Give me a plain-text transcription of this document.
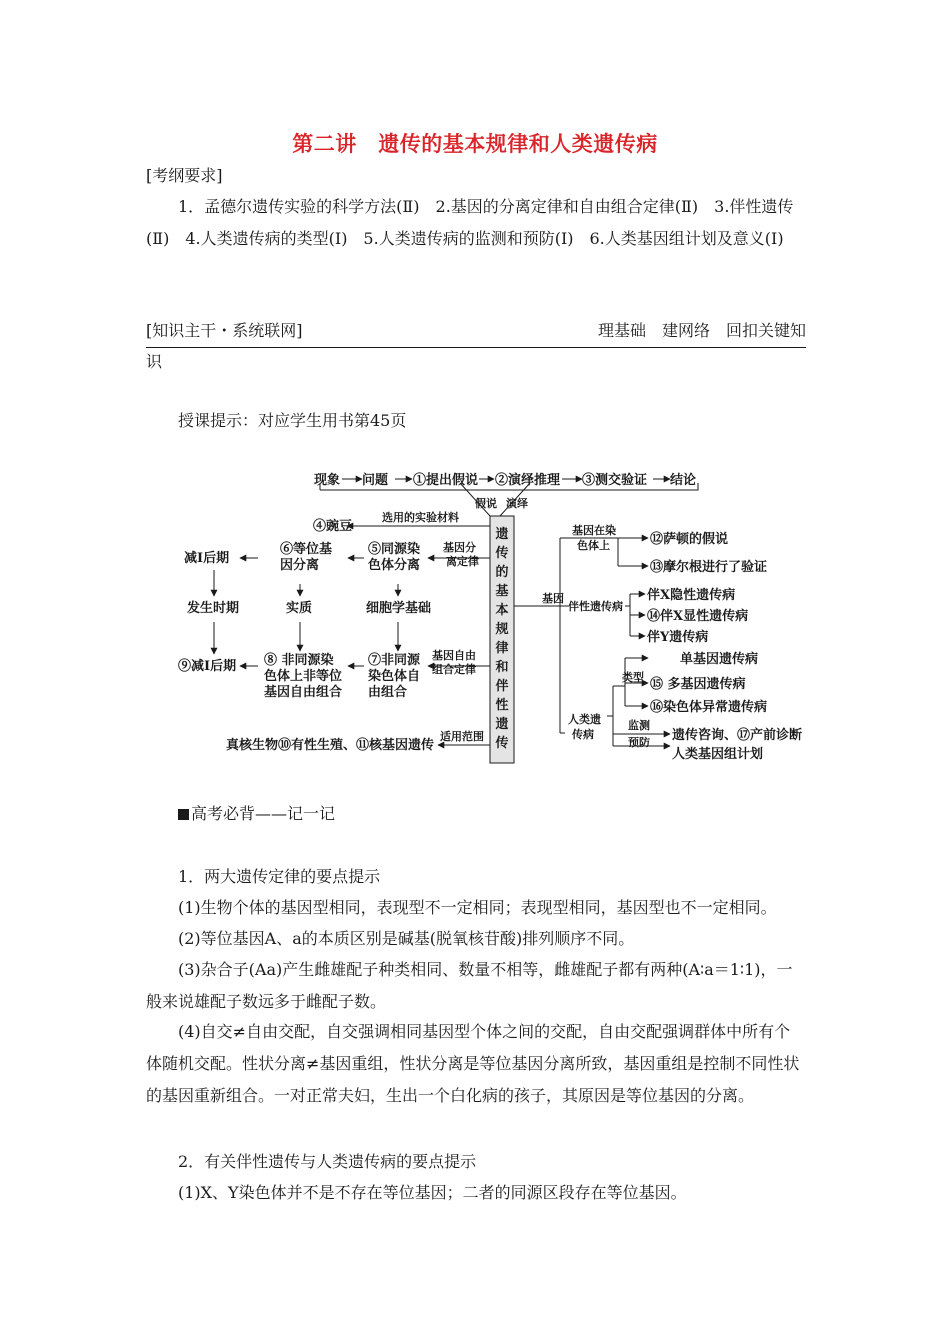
第二讲　遗传的基本规律和人类遗传病

[考纲要求]

1．孟德尔遗传实验的科学方法(Ⅱ)　2.基因的分离定律和自由组合定律(Ⅱ)　3.伴性遗传(Ⅱ)　4.人类遗传病的类型(Ⅰ)　5.人类遗传病的监测和预防(Ⅰ)　6.人类基因组计划及意义(Ⅰ)

[知识主干・系统联网]	理基础　建网络　回扣关键知

识

授课提示：对应学生用书第45页

现象 问题 ①提出假说 ②演绎推理 ③测交验证 结论
假说 演绎
遗
传
的
基
本
规
律
和
伴
性
遗
传
选用的实验材料
基因分
离定律
基因自由
组合定律
适用范围
④豌豆
⑤同源染
色体分离
⑥等位基
因分离
减Ⅰ后期
发生时期	实质	细胞学基础
⑦非同源
染色体自
由组合
⑧ 非同源染
色体上非等位
基因自由组合
⑨减Ⅰ后期
真核生物⑩有性生殖、⑪核基因遗传
基因
基因在染
色体上
伴性遗传病
人类遗
传病
类型
监测
预防
⑫萨顿的假说
⑬摩尔根进行了验证
伴X隐性遗传病
⑭伴X显性遗传病
伴Y遗传病
单基因遗传病
⑮ 多基因遗传病
⑯染色体异常遗传病
遗传咨询、⑰产前诊断
人类基因组计划

高考必背——记一记

1．两大遗传定律的要点提示

(1)生物个体的基因型相同，表现型不一定相同；表现型相同，基因型也不一定相同。

(2)等位基因A、a的本质区别是碱基(脱氧核苷酸)排列顺序不同。

(3)杂合子(Aa)产生雌雄配子种类相同、数量不相等，雌雄配子都有两种(A∶a＝1∶1)，一般来说雄配子数远多于雌配子数。

(4)自交≠自由交配，自交强调相同基因型个体之间的交配，自由交配强调群体中所有个体随机交配。性状分离≠基因重组，性状分离是等位基因分离所致，基因重组是控制不同性状的基因重新组合。一对正常夫妇，生出一个白化病的孩子，其原因是等位基因的分离。

2．有关伴性遗传与人类遗传病的要点提示

(1)X、Y染色体并不是不存在等位基因；二者的同源区段存在等位基因。
